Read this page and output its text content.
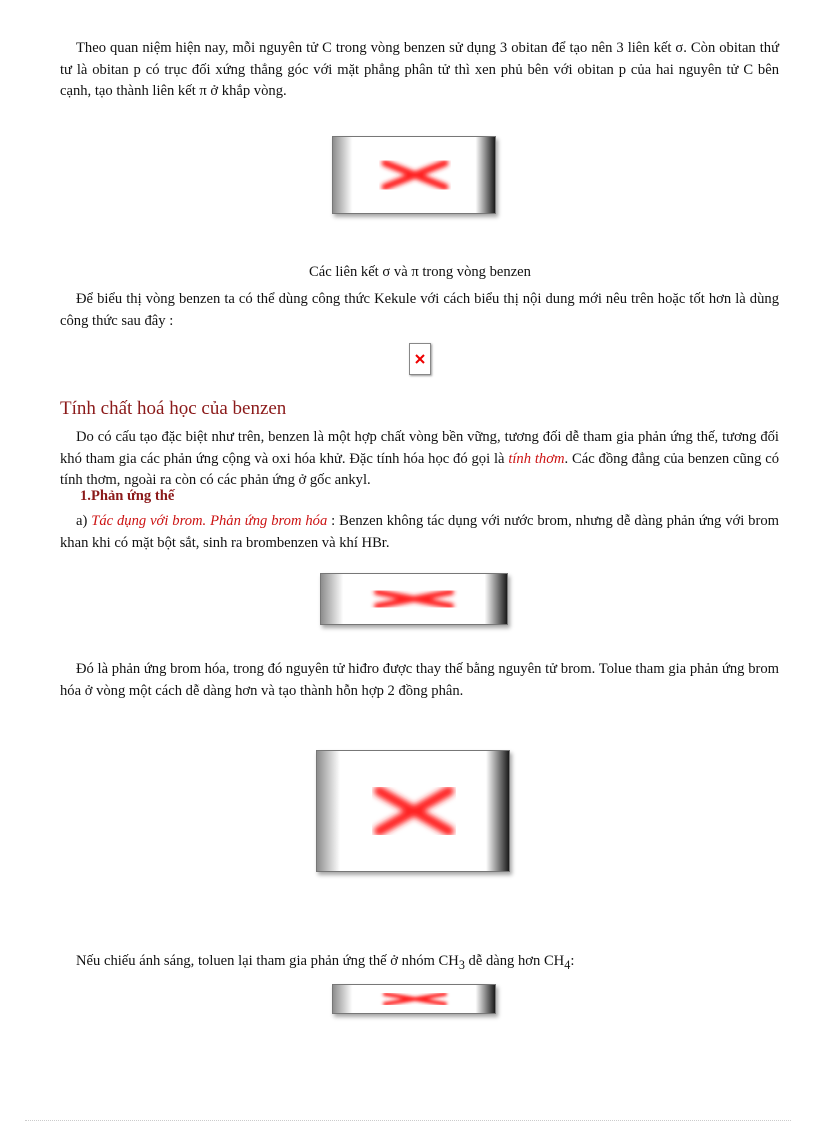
Theo quan niệm hiện nay, mỗi nguyên tử C trong vòng benzen sử dụng 3 obitan để tạo nên 3 liên kết σ. Còn obitan thứ tư là obitan p có trục đối xứng thẳng góc với mặt phẳng phân tử thì xen phủ bên với obitan p của hai nguyên tử C bên cạnh, tạo thành liên kết π ở khắp vòng.

Các liên kết σ và π trong vòng benzen

Để biểu thị vòng benzen ta có thể dùng công thức Kekule với cách biểu thị nội dung mới nêu trên hoặc tốt hơn là dùng công thức sau đây :

Tính chất hoá học của benzen

Do có cấu tạo đặc biệt như trên, benzen là một hợp chất vòng bền vững, tương đối dễ tham gia phản ứng thế, tương đối khó tham gia các phản ứng cộng và oxi hóa khử. Đặc tính hóa học đó gọi là tính thơm. Các đồng đẳng của benzen cũng có tính thơm, ngoài ra còn có các phản ứng ở gốc ankyl.

1.Phản ứng thế

a) Tác dụng với brom. Phản ứng brom hóa : Benzen không tác dụng với nước brom, nhưng dễ dàng phản ứng với brom khan khi có mặt bột sắt, sinh ra brombenzen và khí HBr.

Đó là phản ứng brom hóa, trong đó nguyên tử hiđro được thay thế bằng nguyên tử brom. Tolue tham gia phản ứng brom hóa ở vòng một cách dễ dàng hơn và tạo thành hỗn hợp 2 đồng phân.

Nếu chiếu ánh sáng, toluen lại tham gia phản ứng thế ở nhóm $CH_3$ dễ dàng hơn $CH_4$:
